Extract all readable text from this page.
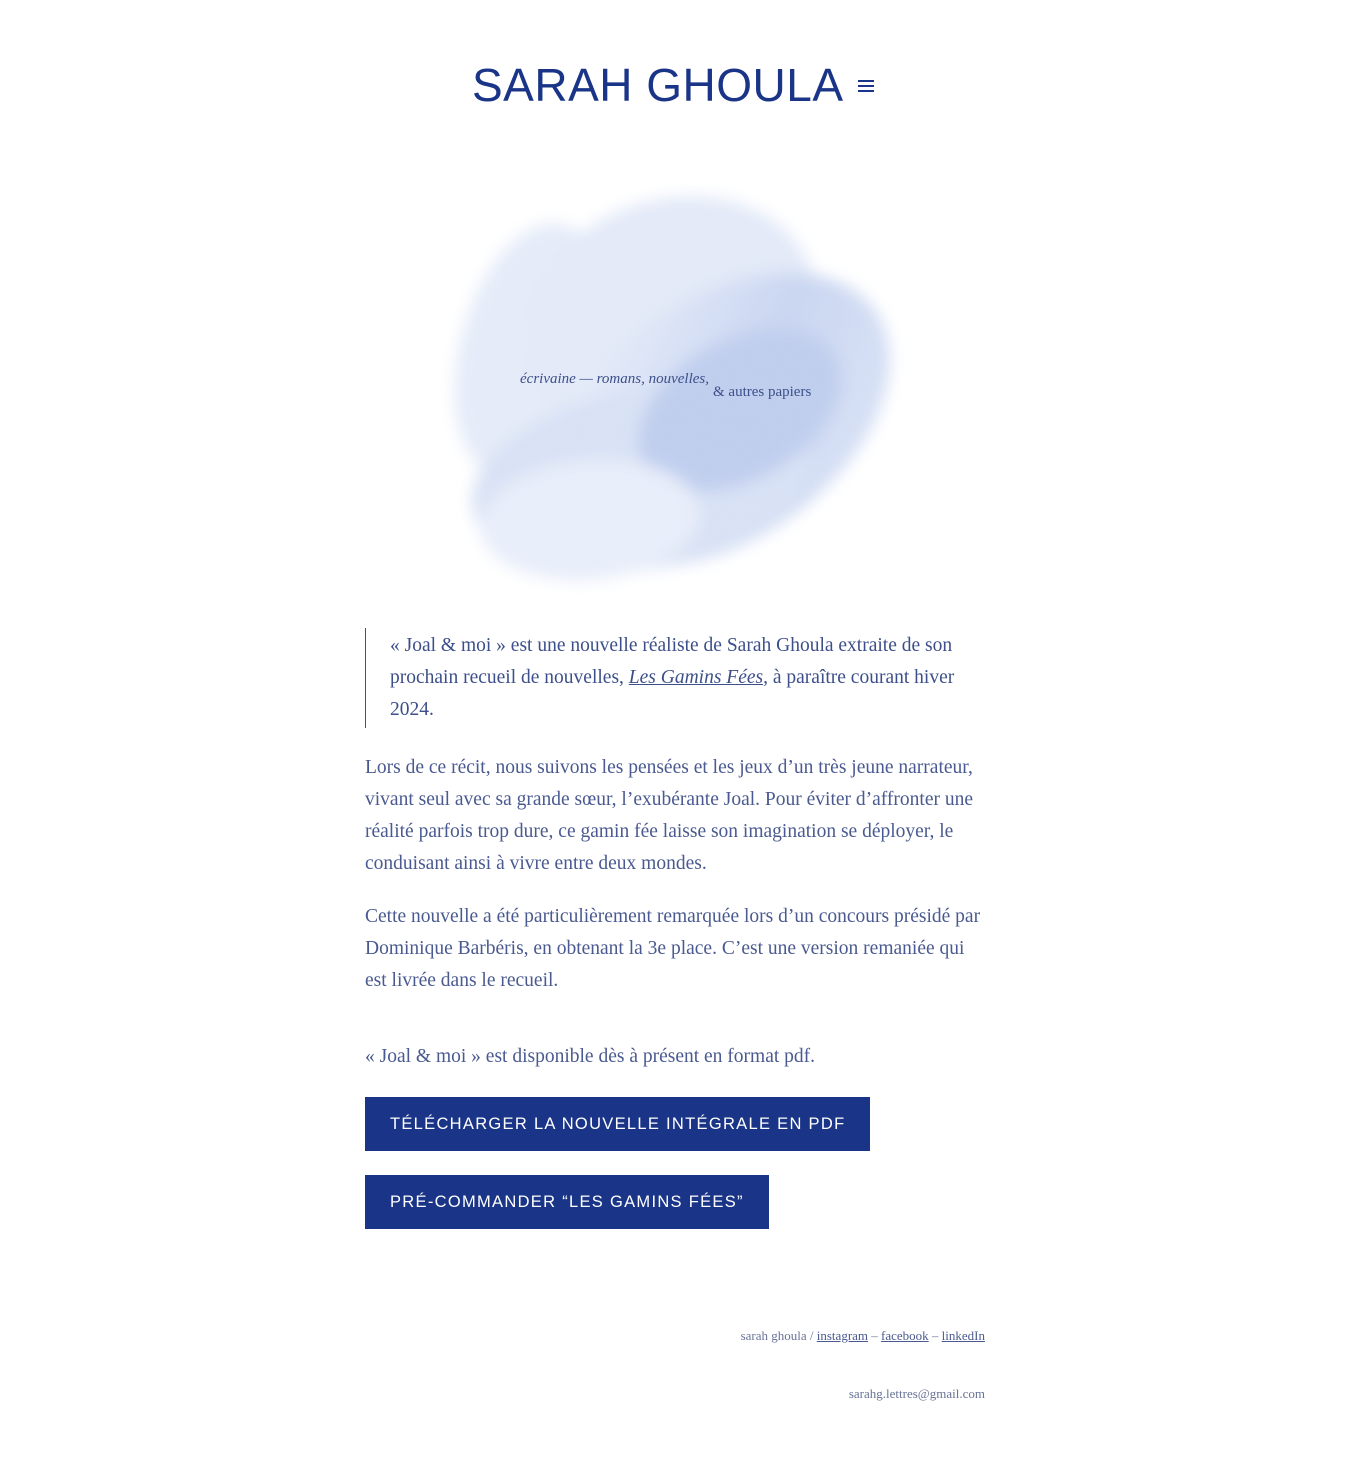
SARAH GHOULA
écrivaine — romans, nouvelles,& autres papiers
« Joal & moi » est une nouvelle réaliste de Sarah Ghoula extraite de son prochain recueil de nouvelles, Les Gamins Fées, à paraître courant hiver 2024.

Lors de ce récit, nous suivons les pensées et les jeux d’un très jeune narrateur, vivant seul avec sa grande sœur, l’exubérante Joal. Pour éviter d’affronter une réalité parfois trop dure, ce gamin fée laisse son imagination se déployer, le conduisant ainsi à vivre entre deux mondes.

Cette nouvelle a été particulièrement remarquée lors d’un concours présidé par Dominique Barbéris, en obtenant la 3e place. C’est une version remaniée qui est livrée dans le recueil.

« Joal & moi » est disponible dès à présent en format pdf.

TÉLÉCHARGER LA NOUVELLE INTÉGRALE EN PDF
PRÉ-COMMANDER “LES GAMINS FÉES”
sarah ghoula / instagram – facebook – linkedIn
sarahg.lettres@gmail.com
